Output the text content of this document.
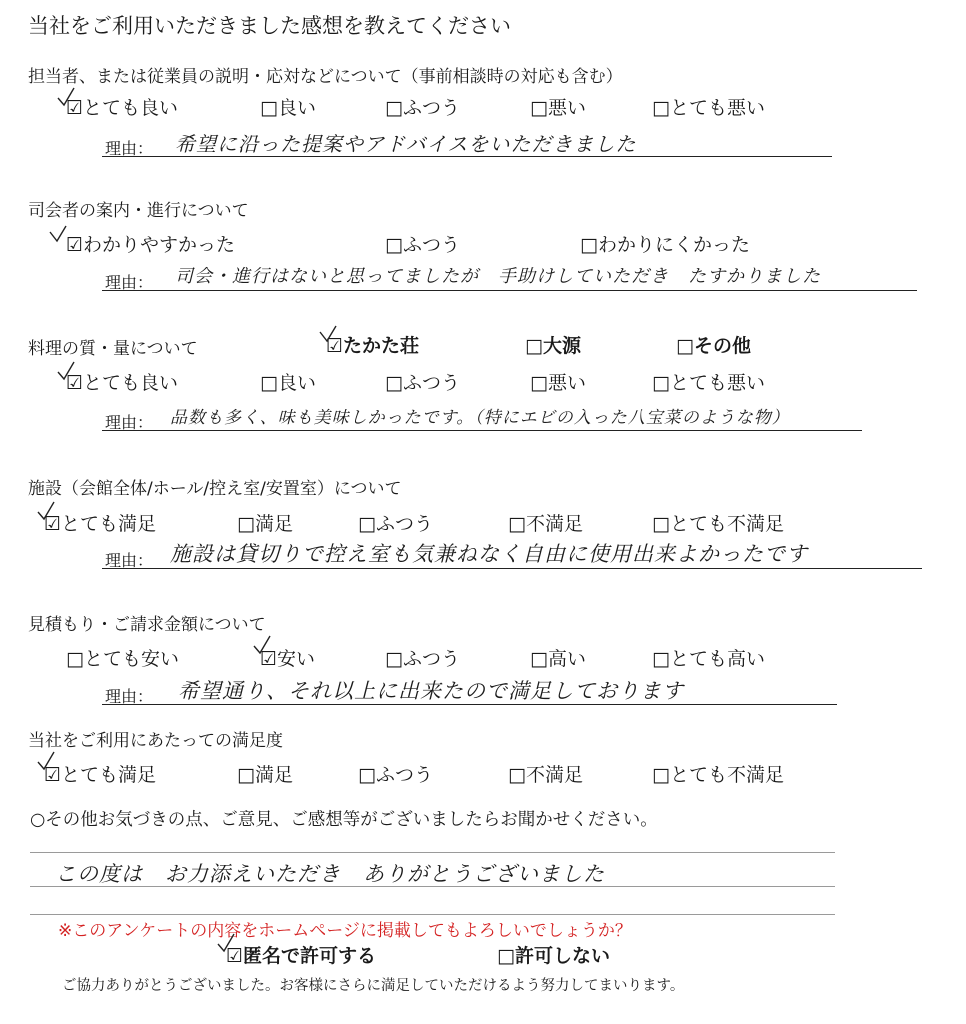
当社をご利用いただきました感想を教えてください
担当者、または従業員の説明・応対などについて（事前相談時の対応も含む）
☑とても良い	□良い	□ふつう	□悪い	□とても悪い
理由： 希望に沿った提案やアドバイスをいただきました
司会者の案内・進行について
☑わかりやすかった	□ふつう	□わかりにくかった
理由： 司会・進行はないと思ってましたが　手助けしていただき　たすかりました
料理の質・量について	☑たかた荘	□大源	□その他
☑とても良い	□良い	□ふつう	□悪い	□とても悪い
理由： 品数も多く、味も美味しかったです。（特にエビの入った八宝菜のような物）
施設（会館全体/ホール/控え室/安置室）について
☑とても満足	□満足	□ふつう	□不満足	□とても不満足
理由： 施設は貸切りで控え室も気兼ねなく自由に使用出来よかったです
見積もり・ご請求金額について
□とても安い	☑安い	□ふつう	□高い	□とても高い
理由： 希望通り、それ以上に出来たので満足しております
当社をご利用にあたっての満足度
☑とても満足	□満足	□ふつう	□不満足	□とても不満足
○その他お気づきの点、ご意見、ご感想等がございましたらお聞かせください。
この度は　お力添えいただき　ありがとうございました
※このアンケートの内容をホームページに掲載してもよろしいでしょうか？
☑匿名で許可する	□許可しない
ご協力ありがとうございました。お客様にさらに満足していただけるよう努力してまいります。
